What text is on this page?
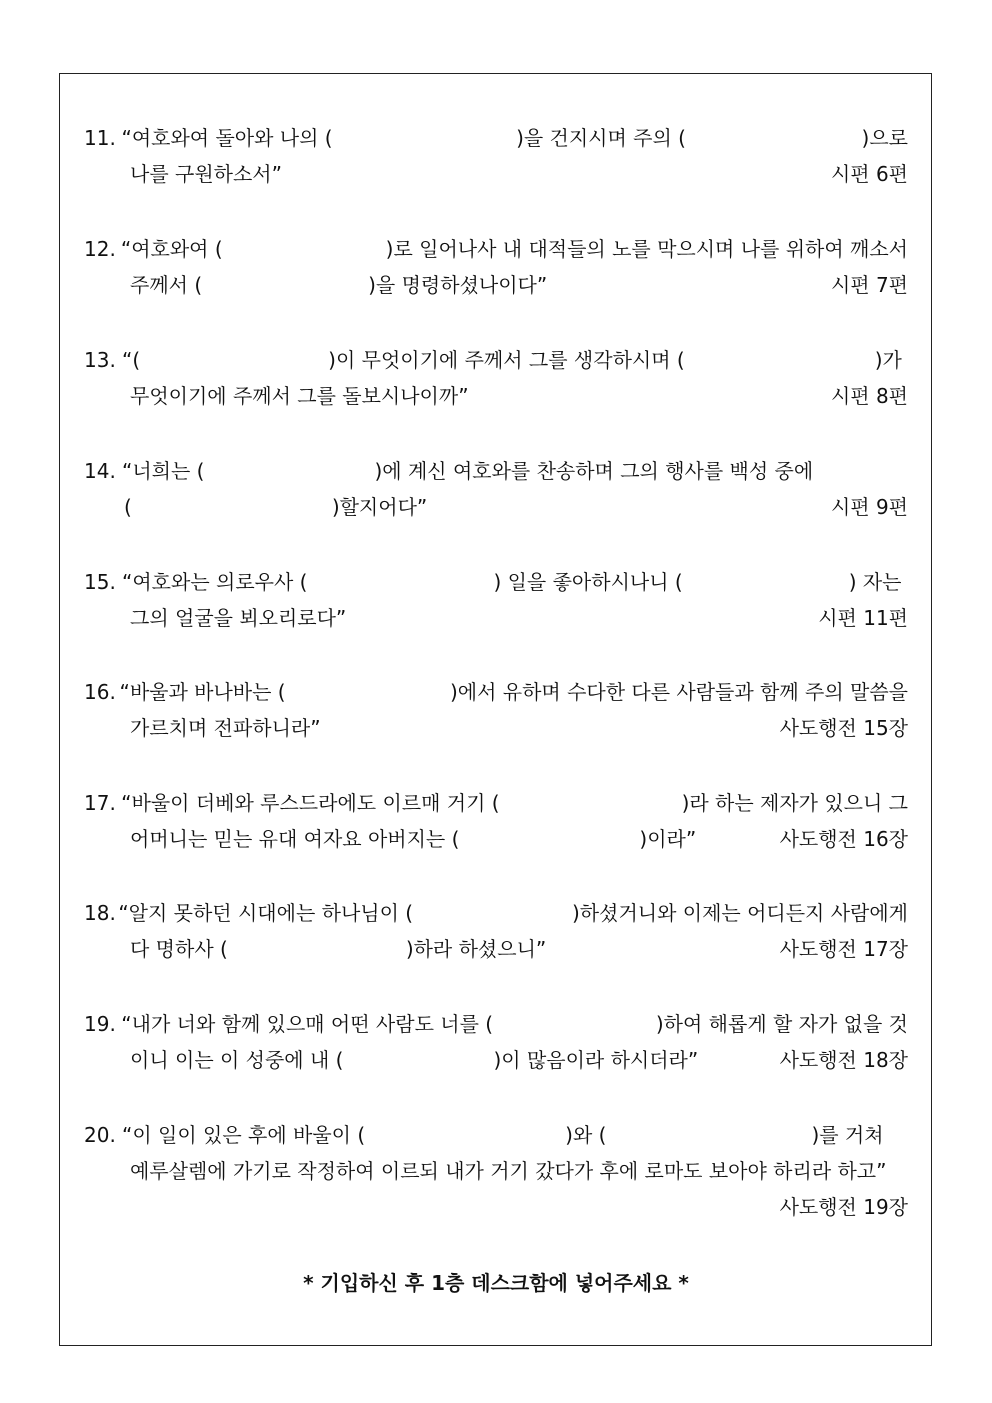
11. “여호와여 돌아와 나의 (	)을 건지시며 주의 (	)으로
나를 구원하소서”	시편 6편
12. “여호와여 (	)로 일어나사 내 대적들의 노를 막으시며 나를 위하여 깨소서
주께서 (	)을 명령하셨나이다”	시편 7편
13. “(	)이 무엇이기에 주께서 그를 생각하시며 (	)가
무엇이기에 주께서 그를 돌보시나이까”	시편 8편
14. “너희는 (	)에 계신 여호와를 찬송하며 그의 행사를 백성 중에
(	)할지어다”	시편 9편
15. “여호와는 의로우사 (	) 일을 좋아하시나니 (	) 자는
그의 얼굴을 뵈오리로다”	시편 11편
16. “바울과 바나바는 (	)에서 유하며 수다한 다른 사람들과 함께 주의 말씀을
가르치며 전파하니라”	사도행전 15장
17. “바울이 더베와 루스드라에도 이르매 거기 (	)라 하는 제자가 있으니 그
어머니는 믿는 유대 여자요 아버지는 (	)이라”	사도행전 16장
18. “알지 못하던 시대에는 하나님이 (	)하셨거니와 이제는 어디든지 사람에게
다 명하사 (	)하라 하셨으니”	사도행전 17장
19. “내가 너와 함께 있으매 어떤 사람도 너를 (	)하여 해롭게 할 자가 없을 것
이니 이는 이 성중에 내 (	)이 많음이라 하시더라”	사도행전 18장
20. “이 일이 있은 후에 바울이 (	)와 (	)를 거쳐
예루살렘에 가기로 작정하여 이르되 내가 거기 갔다가 후에 로마도 보아야 하리라 하고”
사도행전 19장
* 기입하신 후 1층 데스크함에 넣어주세요 *
